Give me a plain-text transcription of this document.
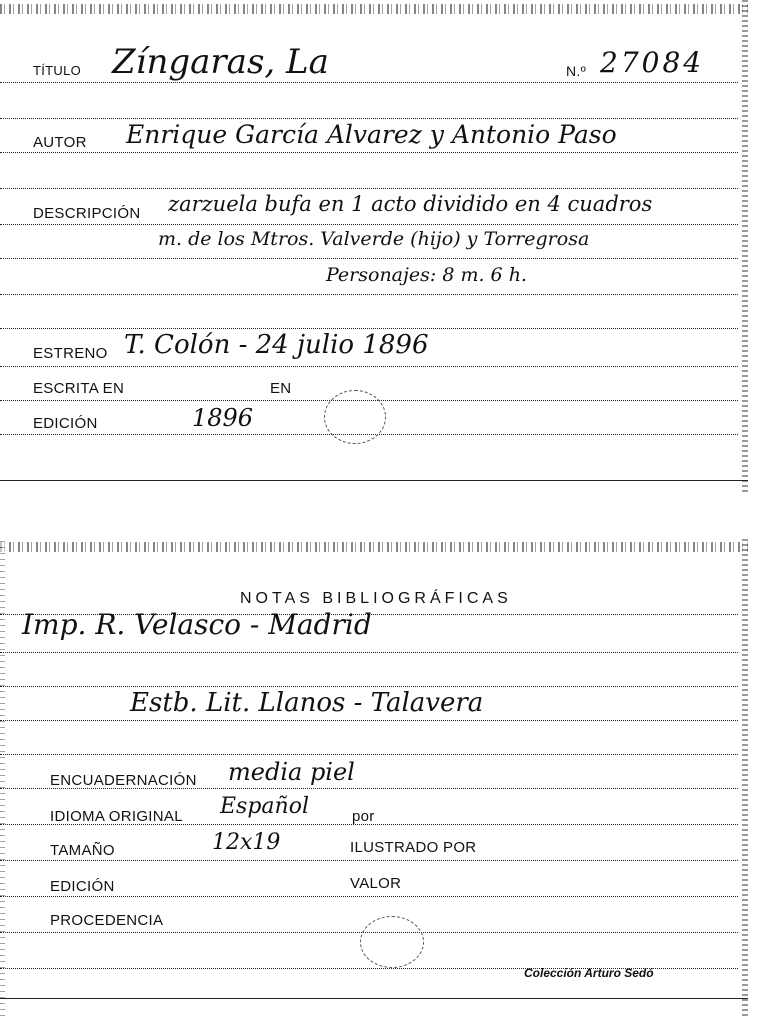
TÍTULO Zíngaras, La	N.º 27084
AUTOR Enrique García Alvarez y Antonio Paso
DESCRIPCIÓN zarzuela bufa en 1 acto dividido en 4 cuadros
m. de los Mtros. Valverde (hijo) y Torregrosa
Personajes: 8 m. 6 h.
ESTRENO T. Colón - 24 julio 1896
ESCRITA EN	EN
EDICIÓN	1896
NOTAS BIBLIOGRÁFICAS
Imp. R. Velasco - Madrid
Estb. Lit. Llanos - Talavera
ENCUADERNACIÓN media piel
IDIOMA ORIGINAL Español	por
TAMAÑO	12x19	ILUSTRADO POR
EDICIÓN	VALOR
PROCEDENCIA
Colección Arturo Sedó
